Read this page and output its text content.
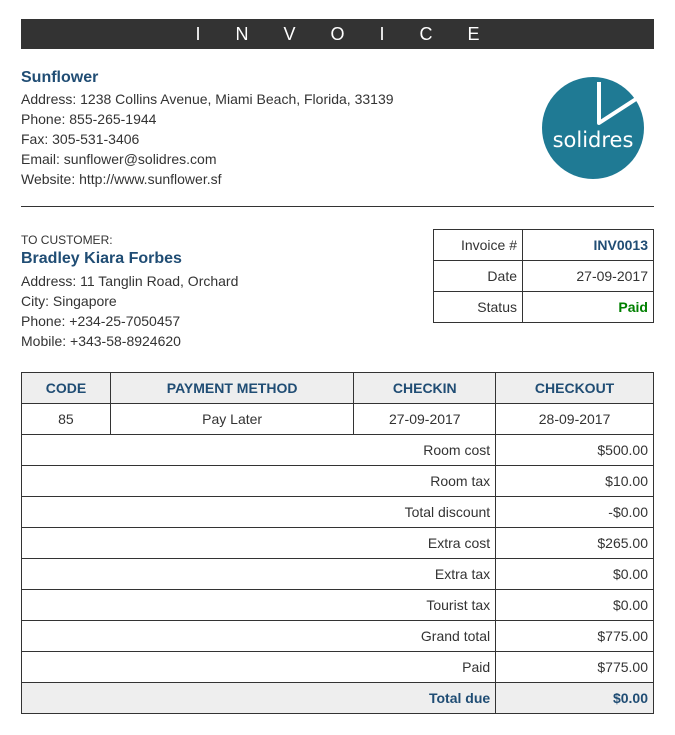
I N V O I C E
Sunflower
Address: 1238 Collins Avenue, Miami Beach, Florida, 33139
Phone: 855-265-1944
Fax: 305-531-3406
Email: sunflower@solidres.com
Website: http://www.sunflower.sf
solidres
TO CUSTOMER:
Bradley Kiara Forbes
Address: 11 Tanglin Road, Orchard
City: Singapore
Phone: +234-25-7050457
Mobile: +343-58-8924620
Invoice #	INV0013
Date	27-09-2017
Status	Paid
CODE	PAYMENT METHOD	CHECKIN	CHECKOUT
85	Pay Later	27-09-2017	28-09-2017
Room cost			$500.00
Room tax			$10.00
Total discount			-$0.00
Extra cost			$265.00
Extra tax			$0.00
Tourist tax			$0.00
Grand total			$775.00
Paid			$775.00
Total due			$0.00
